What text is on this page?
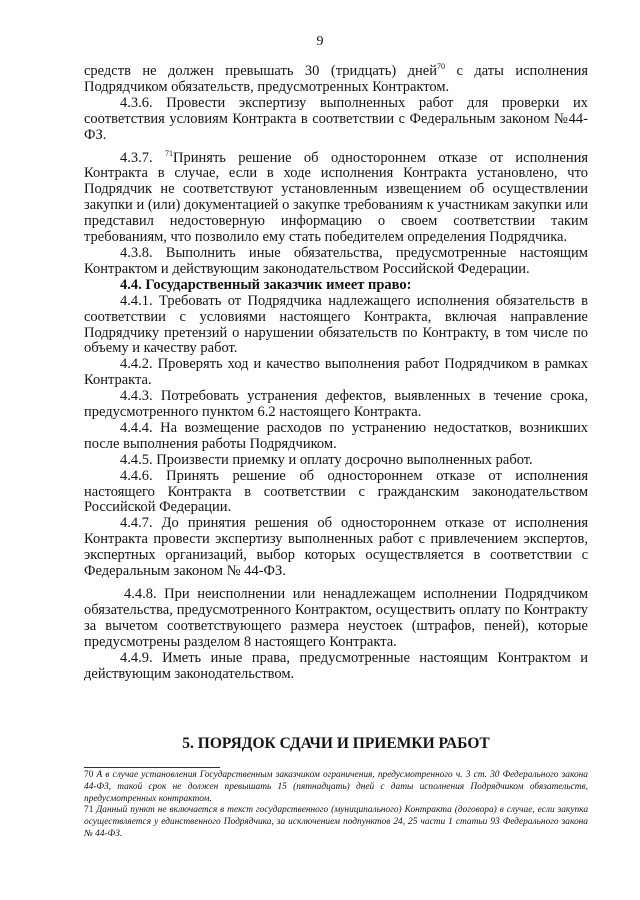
9

средств не должен превышать 30 (тридцать) дней$^{70}$ с даты исполнения Подрядчиком обязательств, предусмотренных Контрактом.

4.3.6. Провести экспертизу выполненных работ для проверки их соответствия условиям Контракта в соответствии с Федеральным законом №44-ФЗ.

4.3.7. $^{71}$Принять решение об одностороннем отказе от исполнения Контракта в случае, если в ходе исполнения Контракта установлено, что Подрядчик не соответствуют установленным извещением об осуществлении закупки и (или) документацией о закупке требованиям к участникам закупки или представил недостоверную информацию о своем соответствии таким требованиям, что позволило ему стать победителем определения Подрядчика.

4.3.8. Выполнить иные обязательства, предусмотренные настоящим Контрактом и действующим законодательством Российской Федерации.

4.4. Государственный заказчик имеет право:

4.4.1. Требовать от Подрядчика надлежащего исполнения обязательств в соответствии с условиями настоящего Контракта, включая направление Подрядчику претензий о нарушении обязательств по Контракту, в том числе по объему и качеству работ.

4.4.2. Проверять ход и качество выполнения работ Подрядчиком в рамках Контракта.

4.4.3. Потребовать устранения дефектов, выявленных в течение срока, предусмотренного пунктом 6.2 настоящего Контракта.

4.4.4. На возмещение расходов по устранению недостатков, возникших после выполнения работы Подрядчиком.

4.4.5. Произвести приемку и оплату досрочно выполненных работ.

4.4.6. Принять решение об одностороннем отказе от исполнения настоящего Контракта в соответствии с гражданским законодательством Российской Федерации.

4.4.7. До принятия решения об одностороннем отказе от исполнения Контракта провести экспертизу выполненных работ с привлечением экспертов, экспертных организаций, выбор которых осуществляется в соответствии с Федеральным законом № 44-ФЗ.

4.4.8. При неисполнении или ненадлежащем исполнении Подрядчиком обязательства, предусмотренного Контрактом, осуществить оплату по Контракту за вычетом соответствующего размера неустоек (штрафов, пеней), которые предусмотрены разделом 8 настоящего Контракта.

4.4.9. Иметь иные права, предусмотренные настоящим Контрактом и действующим законодательством.

5. ПОРЯДОК СДАЧИ И ПРИЕМКИ РАБОТ

70 А в случае установления Государственным заказчиком ограничения, предусмотренного ч. 3 ст. 30 Федерального закона 44-ФЗ, такой срок не должен превышать 15 (пятнадцать) дней с даты исполнения Подрядчиком обязательств, предусмотренных контрактом.

71 Данный пункт не включается в текст государственного (муниципального) Контракта (договора) в случае, если закупка осуществляется у единственного Подрядчика, за исключением подпунктов 24, 25 части 1 статьи 93 Федерального закона № 44-ФЗ.
